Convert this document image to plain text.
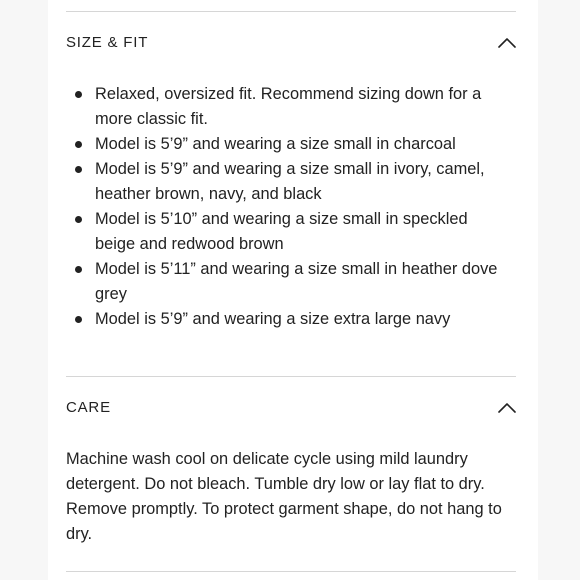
SIZE & FIT
Relaxed, oversized fit. Recommend sizing down for a more classic fit.
Model is 5’9” and wearing a size small in charcoal
Model is 5’9” and wearing a size small in ivory, camel, heather brown, navy, and black
Model is 5’10” and wearing a size small in speckled beige and redwood brown
Model is 5’11” and wearing a size small in heather dove grey
Model is 5’9” and wearing a size extra large navy
CARE
Machine wash cool on delicate cycle using mild laundry detergent. Do not bleach. Tumble dry low or lay flat to dry. Remove promptly. To protect garment shape, do not hang to dry.
